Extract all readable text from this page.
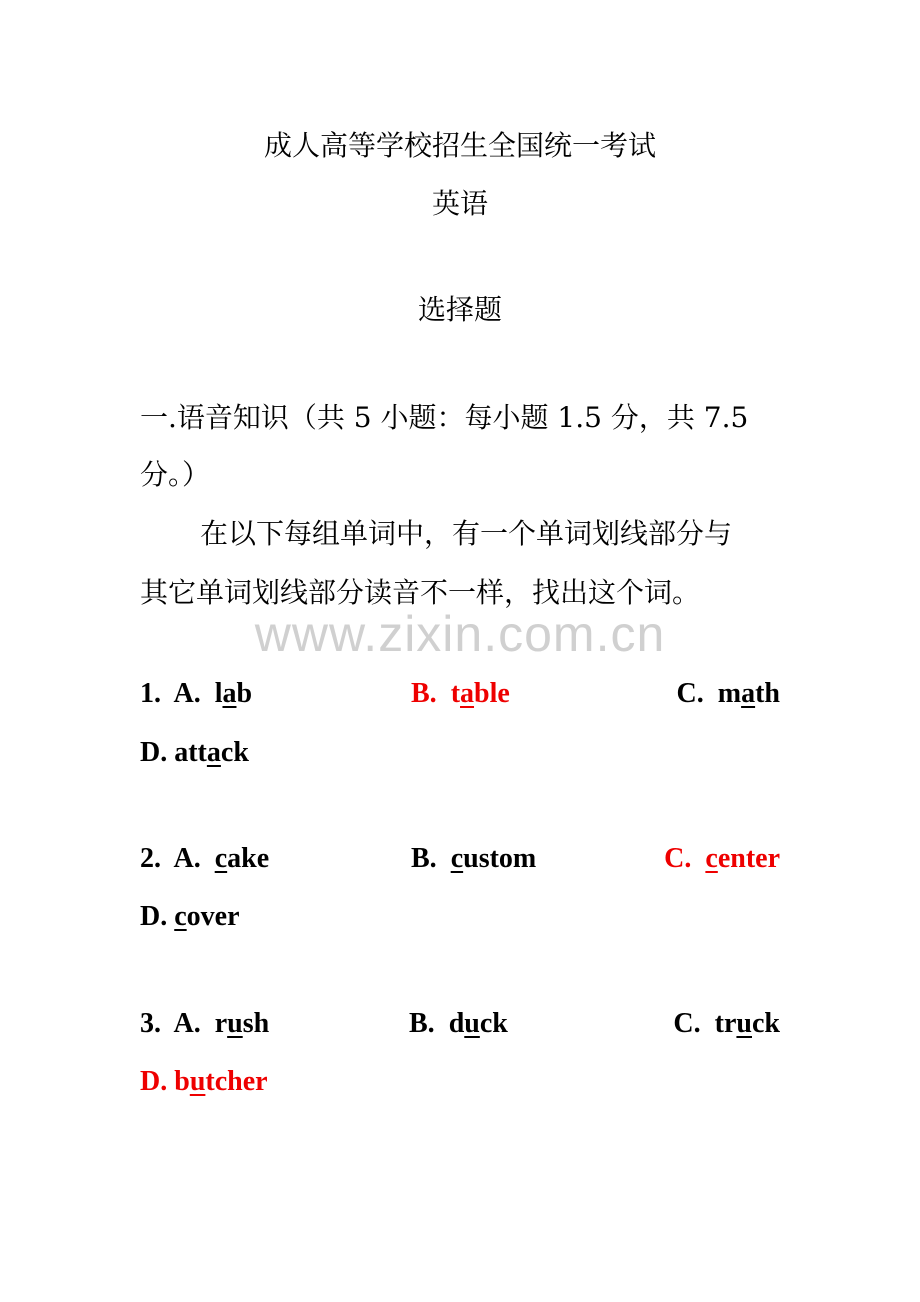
成人高等学校招生全国统一考试
英语
选择题
一.语音知识（共 5 小题：每小题 1.5 分，共 7.5
分。）
在以下每组单词中，有一个单词划线部分与
其它单词划线部分读音不一样，找出这个词。
www.zixin.com.cn
1. A. lab	B. table	C. math
D. attack
2. A. cake	B. custom	C. center
D. cover
3. A. rush	B. duck	C. truck
D. butcher
